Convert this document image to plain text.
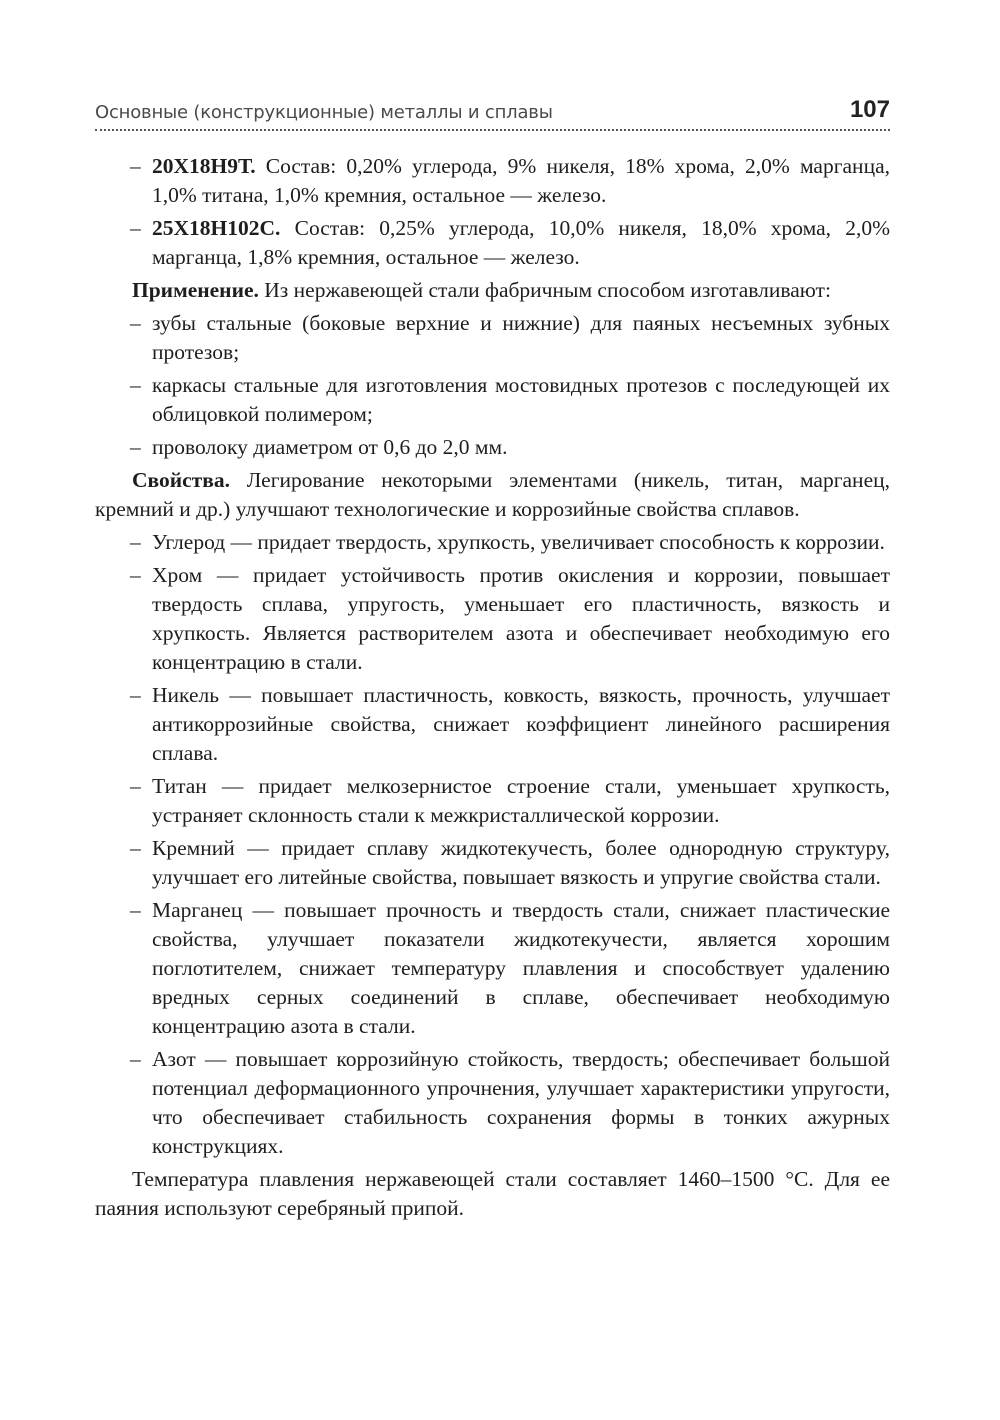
Основные (конструкционные) металлы и сплавы	107
– 20Х18Н9Т. Состав: 0,20% углерода, 9% никеля, 18% хрома, 2,0% марганца, 1,0% титана, 1,0% кремния, остальное — железо.
– 25Х18Н102С. Состав: 0,25% углерода, 10,0% никеля, 18,0% хрома, 2,0% марганца, 1,8% кремния, остальное — железо.

Применение. Из нержавеющей стали фабричным способом изготавливают:

– зубы стальные (боковые верхние и нижние) для паяных несъемных зубных протезов;
– каркасы стальные для изготовления мостовидных протезов с последующей их облицовкой полимером;
– проволоку диаметром от 0,6 до 2,0 мм.

Свойства. Легирование некоторыми элементами (никель, титан, марганец, кремний и др.) улучшают технологические и коррозийные свойства сплавов.

– Углерод — придает твердость, хрупкость, увеличивает способность к коррозии.
– Хром — придает устойчивость против окисления и коррозии, повышает твердость сплава, упругость, уменьшает его пластичность, вязкость и хрупкость. Является растворителем азота и обеспечивает необходимую его концентрацию в стали.
– Никель — повышает пластичность, ковкость, вязкость, прочность, улучшает антикоррозийные свойства, снижает коэффициент линейного расширения сплава.
– Титан — придает мелкозернистое строение стали, уменьшает хрупкость, устраняет склонность стали к межкристаллической коррозии.
– Кремний — придает сплаву жидкотекучесть, более однородную структуру, улучшает его литейные свойства, повышает вязкость и упругие свойства стали.
– Марганец — повышает прочность и твердость стали, снижает пластические свойства, улучшает показатели жидкотекучести, является хорошим поглотителем, снижает температуру плавления и способствует удалению вредных серных соединений в сплаве, обеспечивает необходимую концентрацию азота в стали.
– Азот — повышает коррозийную стойкость, твердость; обеспечивает большой потенциал деформационного упрочнения, улучшает характеристики упругости, что обеспечивает стабильность сохранения формы в тонких ажурных конструкциях.

Температура плавления нержавеющей стали составляет 1460–1500 °C. Для ее паяния используют серебряный припой.
